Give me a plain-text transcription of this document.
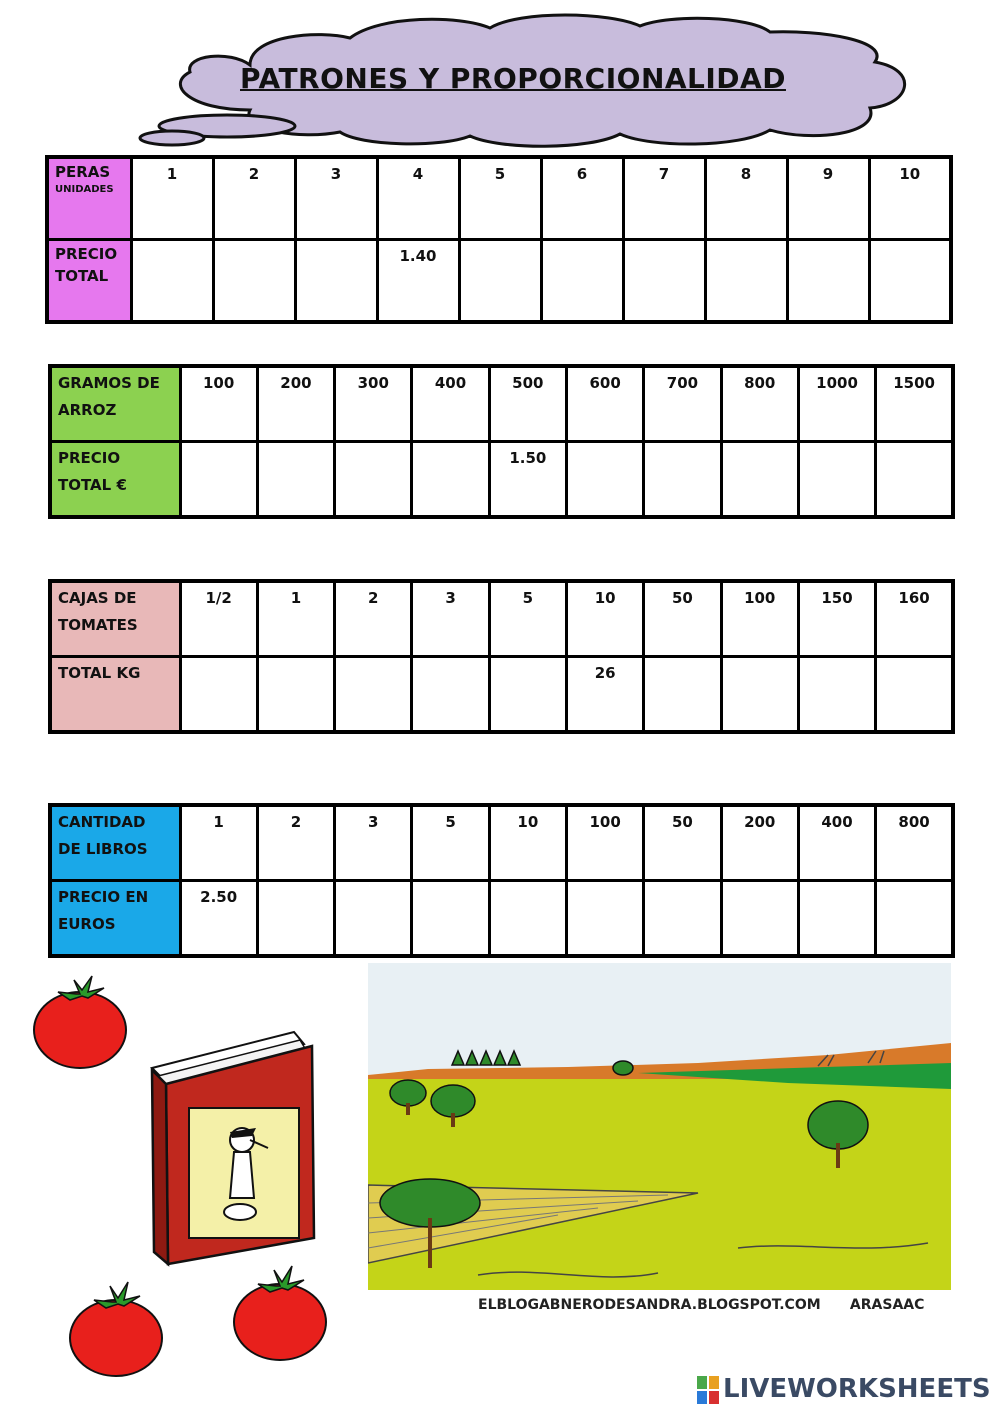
PATRONES Y PROPORCIONALIDAD
PERAS
UNIDADES	1	2	3	4	5	6	7	8	9	10
PRECIO TOTAL				1.40						
GRAMOS DE ARROZ	100	200	300	400	500	600	700	800	1000	1500
PRECIO TOTAL €					1.50					
CAJAS DE TOMATES	1/2	1	2	3	5	10	50	100	150	160
TOTAL KG						26				
CANTIDAD DE LIBROS	1	2	3	5	10	100	50	200	400	800
PRECIO EN EUROS	2.50									
ELBLOGABNERODESANDRA.BLOGSPOT.COM ARASAAC
LIVEWORKSHEETS
